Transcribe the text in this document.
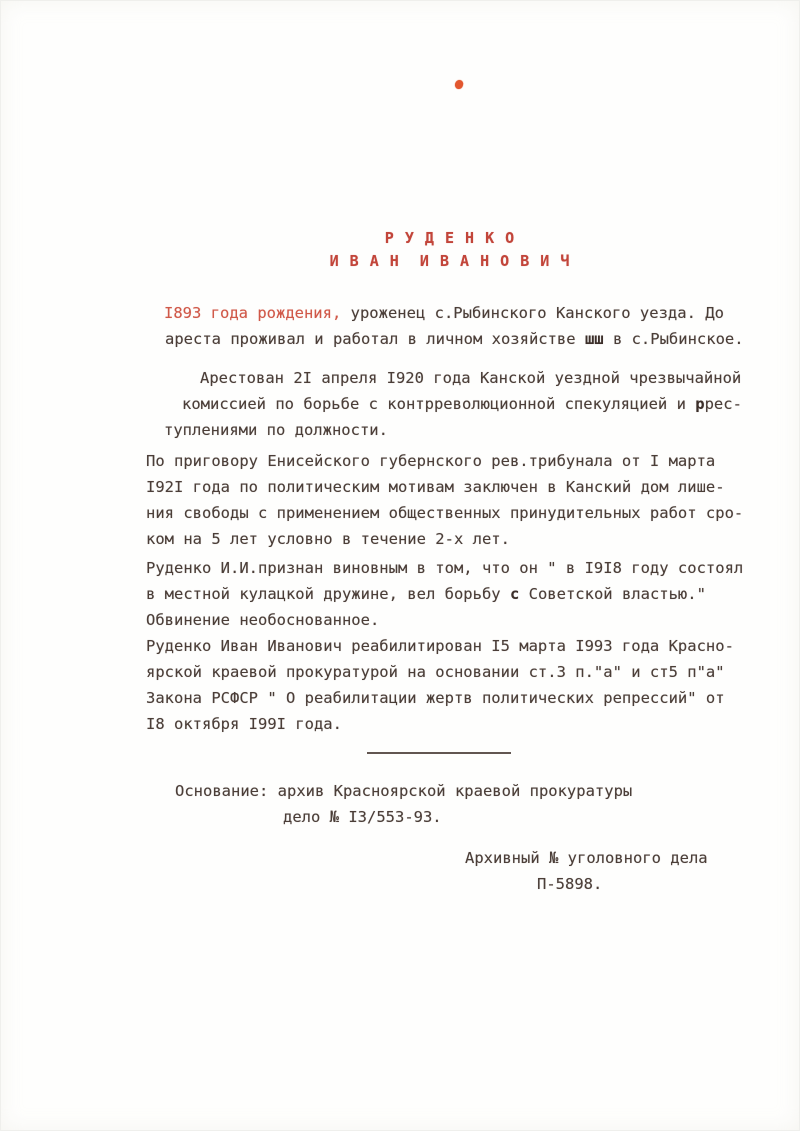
Р У Д Е Н К О
И В А Н  И В А Н О В И Ч
I893 года рождения, уроженец с.Рыбинского Канского уезда. До
ареста проживал и работал в личном хозяйстве шш в с.Рыбинское.
Арестован 2I апреля I920 года Канской уездной чрезвычайной
комиссией по борьбе с контрреволюционной спекуляцией и ррес-
туплениями по должности.
По приговору Енисейского губернского рев.трибунала от I марта
I92I года по политическим мотивам заключен в Канский дом лише-
ния свободы с применением общественных принудительных работ сро-
ком на 5 лет условно в течение 2-х лет.
Руденко И.И.признан виновным в том, что он " в I9I8 году состоял
в местной кулацкой дружине, вел борьбу с Советской властью."
Обвинение необоснованное.
Руденко Иван Иванович реабилитирован I5 марта I993 года Красно-
ярской краевой прокуратурой на основании ст.3 п."а" и ст5 п"а"
Закона РСФСР " О реабилитации жертв политических репрессий" от
I8 октября I99I года.
Основание: архив Красноярской краевой прокуратуры
дело № I3/553-93.
Архивный № уголовного дела
П-5898.
